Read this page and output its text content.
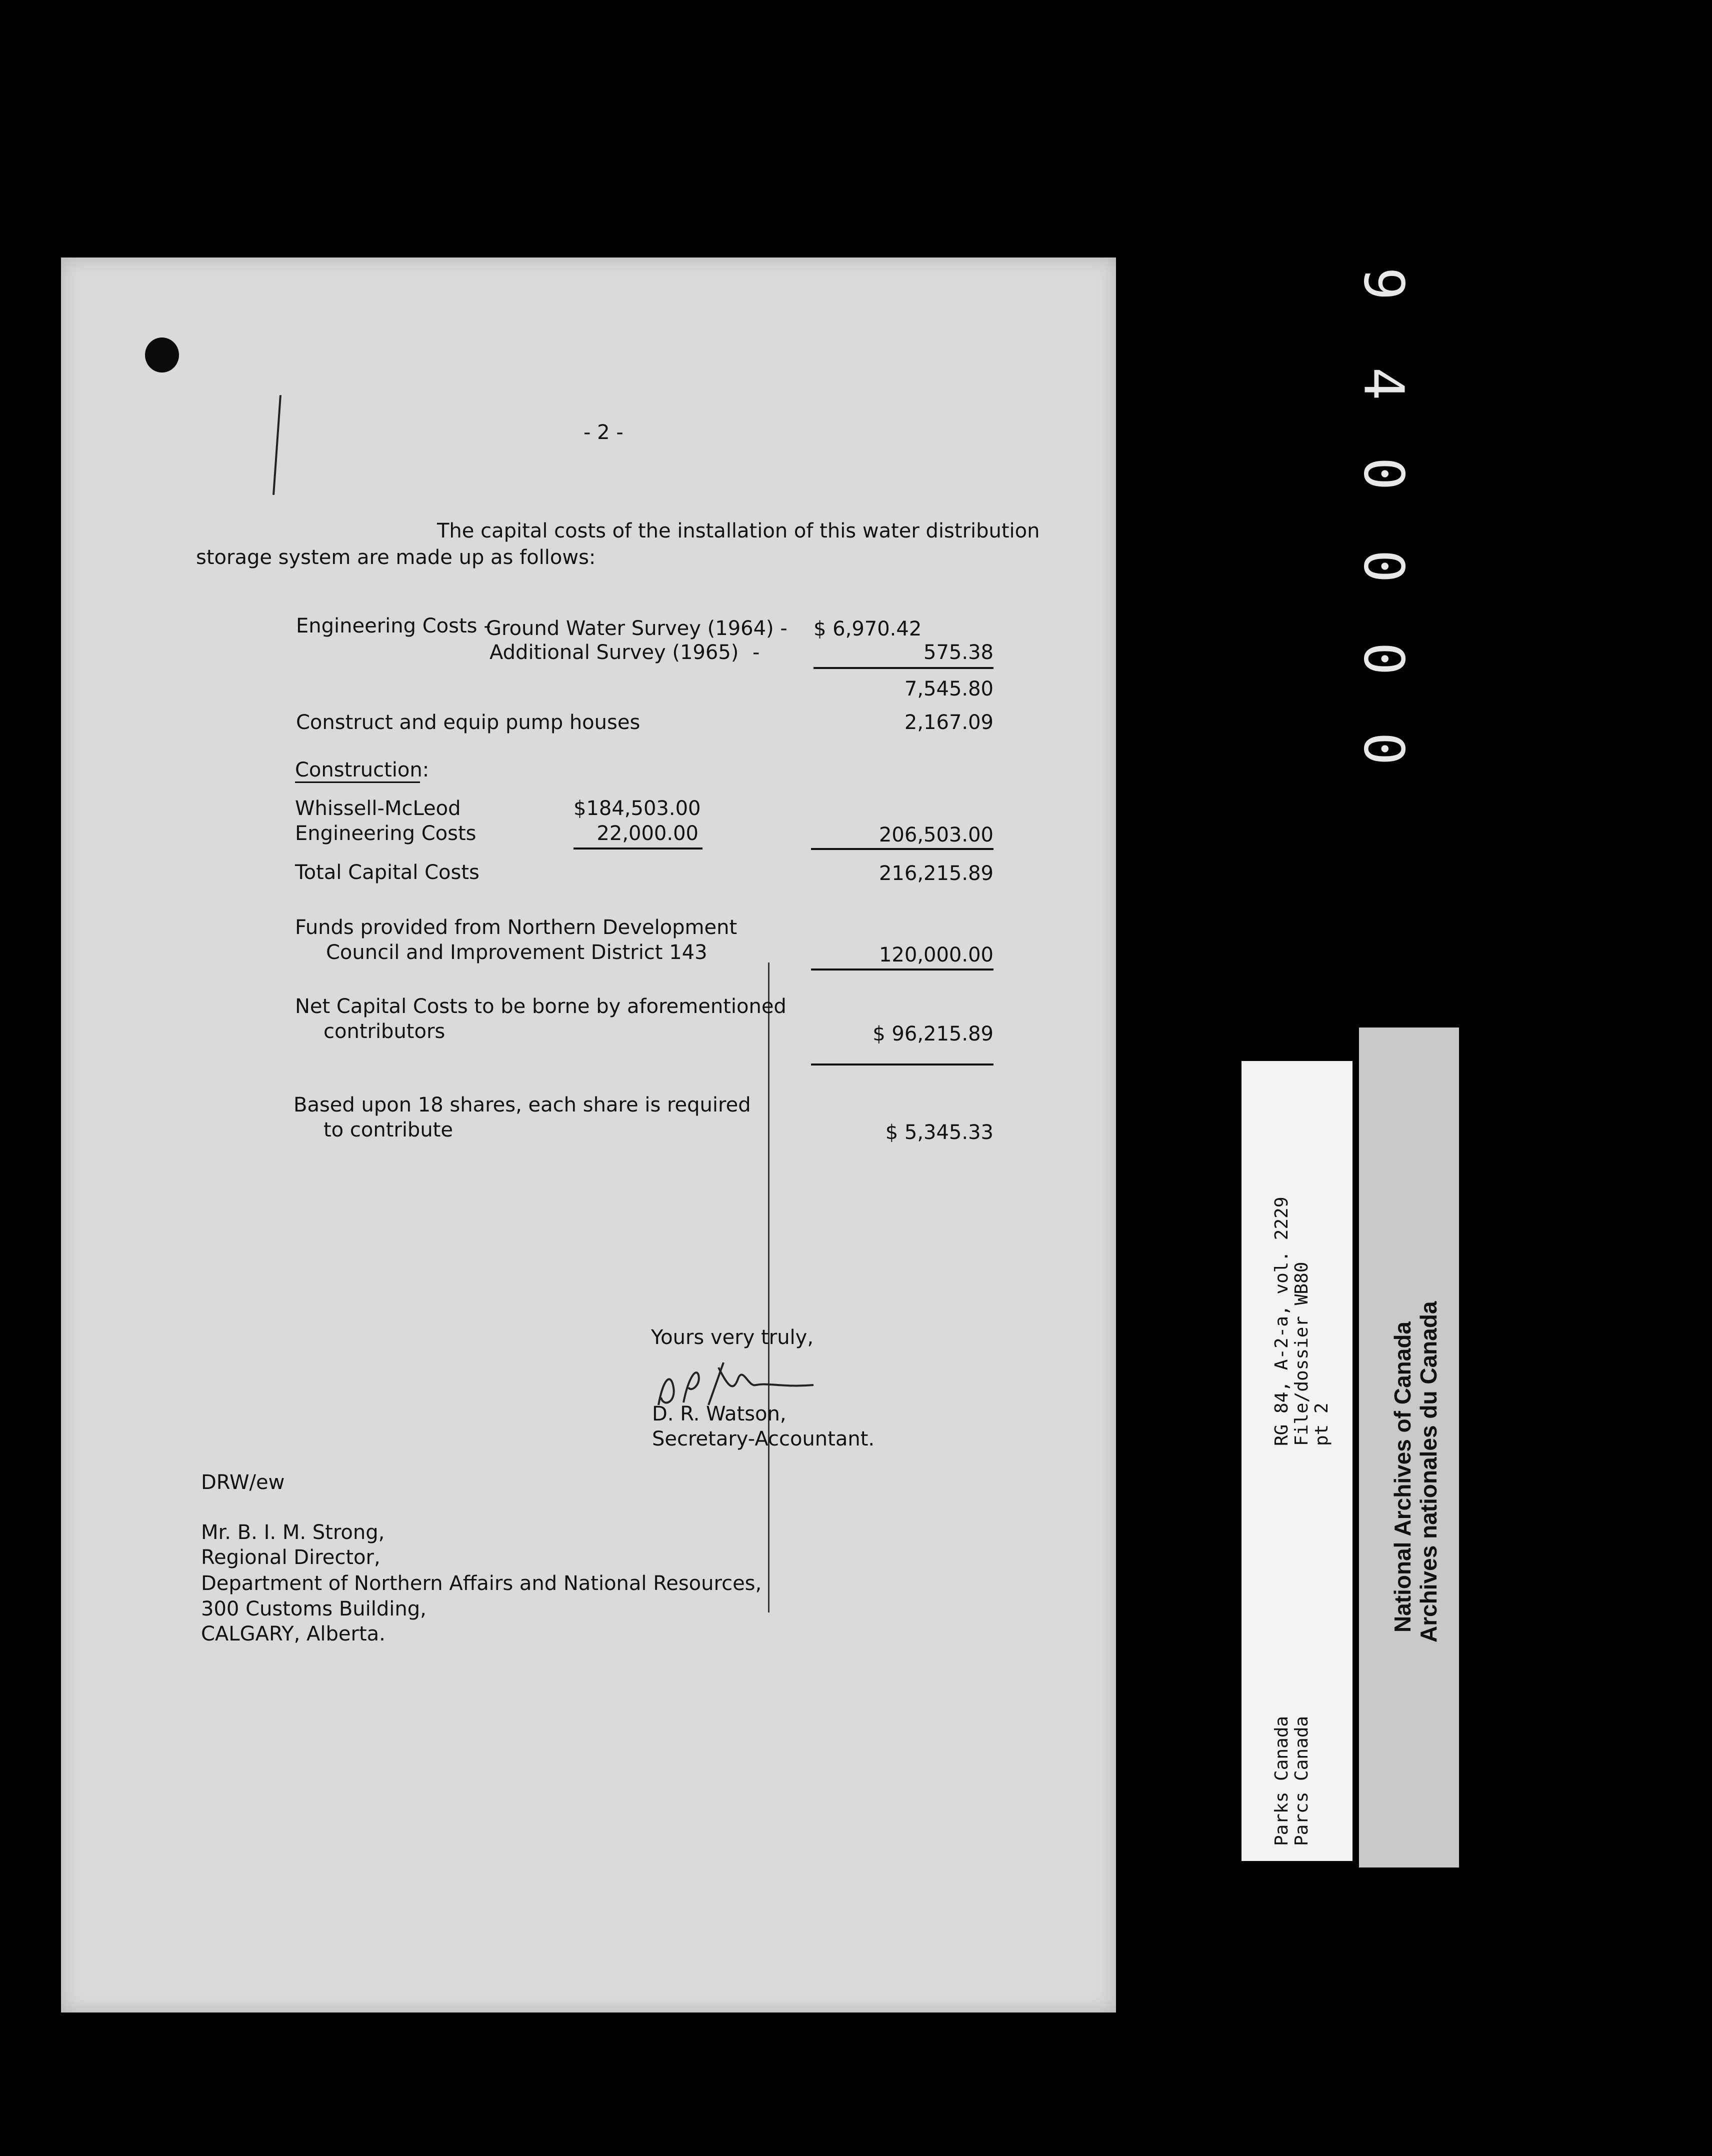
- 2 -
The capital costs of the installation of this water distribution
storage system are made up as follows:
Engineering Costs -
Ground Water Survey (1964) - $ 6,970.42
Additional Survey (1965) -	575.38
7,545.80
Construct and equip pump houses	2,167.09
Construction:
Whissell-McLeod	$184,503.00
Engineering Costs	22,000.00	206,503.00
Total Capital Costs	216,215.89
Funds provided from Northern Development
Council and Improvement District 143	120,000.00
Net Capital Costs to be borne by aforementioned
contributors	$ 96,215.89
Based upon 18 shares, each share is required
to contribute	$ 5,345.33
Yours very truly,
D. R. Watson,
Secretary-Accountant.
DRW/ew
Mr. B. I. M. Strong,
Regional Director,
Department of Northern Affairs and National Resources,
300 Customs Building,
CALGARY, Alberta.
9
4
0
0
0
0
RG 84, A-2-a, vol. 2229 File/dossier WB80 pt 2
Parks Canada Parcs Canada
National Archives of Canada Archives nationales du Canada
